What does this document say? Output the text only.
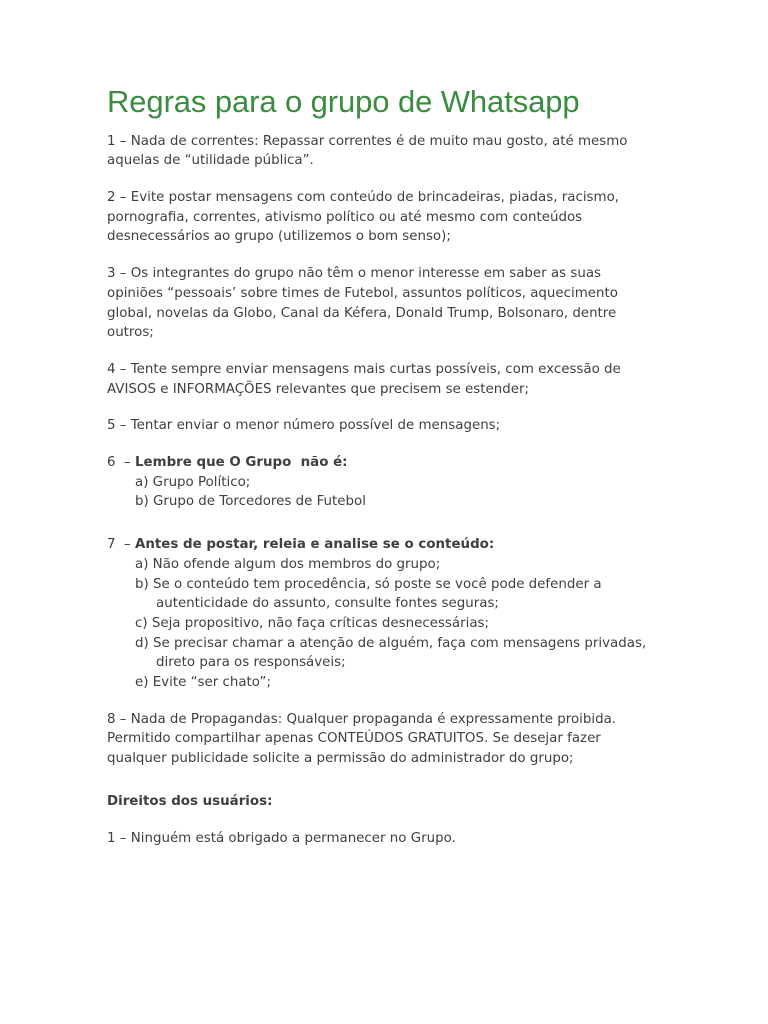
Regras para o grupo de Whatsapp

1 – Nada de correntes: Repassar correntes é de muito mau gosto, até mesmo aquelas de “utilidade pública”.

2 – Evite postar mensagens com conteúdo de brincadeiras, piadas, racismo, pornografia, correntes, ativismo político ou até mesmo com conteúdos desnecessários ao grupo (utilizemos o bom senso);

3 – Os integrantes do grupo não têm o menor interesse em saber as suas opiniões “pessoais’ sobre times de Futebol, assuntos políticos, aquecimento global, novelas da Globo, Canal da Kéfera, Donald Trump, Bolsonaro, dentre outros;

4 – Tente sempre enviar mensagens mais curtas possíveis, com excessão de AVISOS e INFORMAÇÕES relevantes que precisem se estender;

5 – Tentar enviar o menor número possível de mensagens;

6  – Lembre que O Grupo  não é:

a) Grupo Político;
b) Grupo de Torcedores de Futebol

7  – Antes de postar, releia e analise se o conteúdo:

a) Não ofende algum dos membros do grupo;
b) Se o conteúdo tem procedência, só poste se você pode defender a autenticidade do assunto, consulte fontes seguras;
c) Seja propositivo, não faça críticas desnecessárias;
d) Se precisar chamar a atenção de alguém, faça com mensagens privadas, direto para os responsáveis;
e) Evite “ser chato”;

8 – Nada de Propagandas: Qualquer propaganda é expressamente proibida. Permitido compartilhar apenas CONTEÚDOS GRATUITOS. Se desejar fazer qualquer publicidade solicite a permissão do administrador do grupo;

Direitos dos usuários:

1 – Ninguém está obrigado a permanecer no Grupo.
